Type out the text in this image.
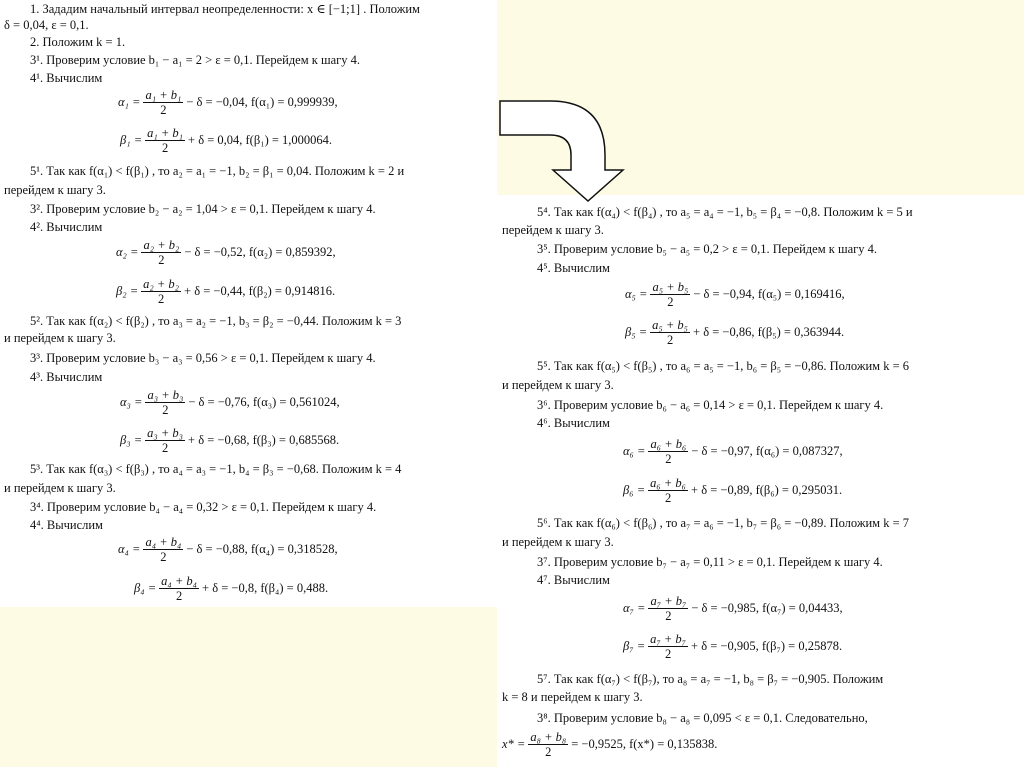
1. Зададим начальный интервал неопределенности: x ∈ [−1;1] . Положим
δ = 0,04, ε = 0,1.
2. Положим k = 1.
3¹. Проверим условие b₁ − a₁ = 2 > ε = 0,1. Перейдем к шагу 4.
4¹. Вычислим
5¹. Так как f(α₁) < f(β₁) , то a₂ = a₁ = −1, b₂ = β₁ = 0,04. Положим k = 2 и
перейдем к шагу 3.
3². Проверим условие b₂ − a₂ = 1,04 > ε = 0,1. Перейдем к шагу 4.
4². Вычислим
5². Так как f(α₂) < f(β₂) , то a₃ = a₂ = −1, b₃ = β₂ = −0,44. Положим k = 3
и перейдем к шагу 3.
3³. Проверим условие b₃ − a₃ = 0,56 > ε = 0,1. Перейдем к шагу 4.
4³. Вычислим
5³. Так как f(α₃) < f(β₃) , то a₄ = a₃ = −1, b₄ = β₃ = −0,68. Положим k = 4
и перейдем к шагу 3.
3⁴. Проверим условие b₄ − a₄ = 0,32 > ε = 0,1. Перейдем к шагу 4.
4⁴. Вычислим
$\alpha_1 = \frac{\text{a₁ + b₁}}{2} - \delta = -0,04$, f(α₁) = 0,999939,
$\beta_1 = \frac{\text{a₁ + b₁}}{2} + \delta = 0,04$, f(β₁) = 1,000064.
$\alpha_2 = \frac{\text{a₂ + b₂}}{2} - \delta = -0,52$, f(α₂) = 0,859392,
$\beta_2 = \frac{\text{a₂ + b₂}}{2} + \delta = -0,44$, f(β₂) = 0,914816.
$\alpha_3 = \frac{\text{a₃ + b₃}}{2} - \delta = -0,76$, f(α₃) = 0,561024,
$\beta_3 = \frac{\text{a₃ + b₃}}{2} + \delta = -0,68$, f(β₃) = 0,685568.
$\alpha_4 = \frac{\text{a₄ + b₄}}{2} - \delta = -0,88$, f(α₄) = 0,318528,
$\beta_4 = \frac{\text{a₄ + b₄}}{2} + \delta = -0,8$, f(β₄) = 0,488.
5⁴. Так как f(α₄) < f(β₄) , то a₅ = a₄ = −1, b₅ = β₄ = −0,8. Положим k = 5 и
перейдем к шагу 3.
3⁵. Проверим условие b₅ − a₅ = 0,2 > ε = 0,1. Перейдем к шагу 4.
4⁵. Вычислим
5⁵. Так как f(α₅) < f(β₅) , то a₆ = a₅ = −1, b₆ = β₅ = −0,86. Положим k = 6
и перейдем к шагу 3.
3⁶. Проверим условие b₆ − a₆ = 0,14 > ε = 0,1. Перейдем к шагу 4.
4⁶. Вычислим
5⁶. Так как f(α₆) < f(β₆) , то a₇ = a₆ = −1, b₇ = β₆ = −0,89. Положим k = 7
и перейдем к шагу 3.
3⁷. Проверим условие b₇ − a₇ = 0,11 > ε = 0,1. Перейдем к шагу 4.
4⁷. Вычислим
5⁷. Так как f(α₇) < f(β₇), то a₈ = a₇ = −1, b₈ = β₇ = −0,905. Положим
k = 8 и перейдем к шагу 3.
3⁸. Проверим условие b₈ − a₈ = 0,095 < ε = 0,1. Следовательно,
$\alpha_5 = \frac{\text{a₅ + b₅}}{2} - \delta = -0,94$, f(α₅) = 0,169416,
$\beta_5 = \frac{\text{a₅ + b₅}}{2} + \delta = -0,86$, f(β₅) = 0,363944.
$\alpha_6 = \frac{\text{a₆ + b₆}}{2} - \delta = -0,97$, f(α₆) = 0,087327,
$\beta_6 = \frac{\text{a₆ + b₆}}{2} + \delta = -0,89$, f(β₆) = 0,295031.
$\alpha_7 = \frac{\text{a₇ + b₇}}{2} - \delta = -0,985$, f(α₇) = 0,04433,
$\beta_7 = \frac{\text{a₇ + b₇}}{2} + \delta = -0,905$, f(β₇) = 0,25878.
$x* = \frac{\text{a₈ + b₈}}{2} = -0,9525$, f(x*) = 0,135838.
